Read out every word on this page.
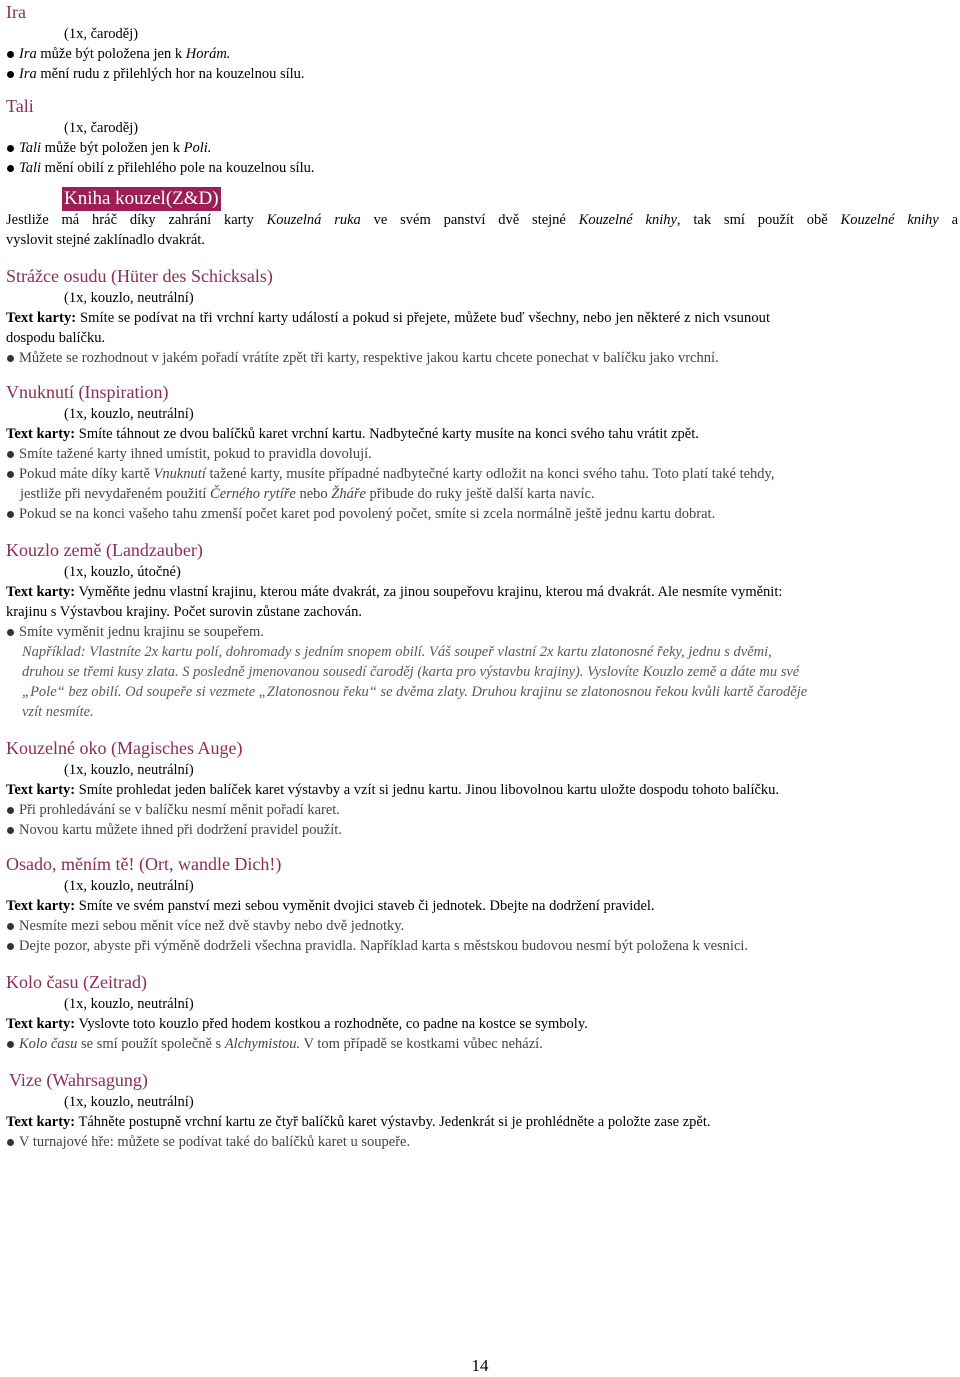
Ira
(1x, čaroděj)
Ira může být položena jen k Horám.
Ira mění rudu z přilehlých hor na kouzelnou sílu.
Tali
(1x, čaroděj)
Tali může být položen jen k Poli.
Tali mění obilí z přilehlého pole na kouzelnou sílu.
Kniha kouzel(Z&D)
Jestliže má hráč díky zahrání karty Kouzelná ruka ve svém panství dvě stejné Kouzelné knihy, tak smí použít obě Kouzelné knihy a
vyslovit stejné zaklínadlo dvakrát.
Strážce osudu (Hüter des Schicksals)
(1x, kouzlo, neutrální)
Text karty: Smíte se podívat na tři vrchní karty událostí a pokud si přejete, můžete buď všechny, nebo jen některé z nich vsunout
dospodu balíčku.
Můžete se rozhodnout v jakém pořadí vrátíte zpět tři karty, respektive jakou kartu chcete ponechat v balíčku jako vrchní.
Vnuknutí (Inspiration)
(1x, kouzlo, neutrální)
Text karty: Smíte táhnout ze dvou balíčků karet vrchní kartu. Nadbytečné karty musíte na konci svého tahu vrátit zpět.
Smíte tažené karty ihned umístit, pokud to pravidla dovolují.
Pokud máte díky kartě Vnuknutí tažené karty, musíte případné nadbytečné karty odložit na konci svého tahu. Toto platí také tehdy,
jestliže při nevydařeném použití Černého rytíře nebo Žháře přibude do ruky ještě další karta navíc.
Pokud se na konci vašeho tahu zmenší počet karet pod povolený počet, smíte si zcela normálně ještě jednu kartu dobrat.
Kouzlo země (Landzauber)
(1x, kouzlo, útočné)
Text karty: Vyměňte jednu vlastní krajinu, kterou máte dvakrát, za jinou soupeřovu krajinu, kterou má dvakrát. Ale nesmíte vyměnit:
krajinu s Výstavbou krajiny. Počet surovin zůstane zachován.
Smíte vyměnit jednu krajinu se soupeřem.
Například: Vlastníte 2x kartu polí, dohromady s jedním snopem obilí. Váš soupeř vlastní 2x kartu zlatonosné řeky, jednu s dvěmi,
druhou se třemi kusy zlata. S posledně jmenovanou sousedí čaroděj (karta pro výstavbu krajiny). Vyslovíte Kouzlo země a dáte mu své
„Pole“ bez obilí. Od soupeře si vezmete „Zlatonosnou řeku“ se dvěma zlaty. Druhou krajinu se zlatonosnou řekou kvůli kartě čaroděje
vzít nesmíte.
Kouzelné oko (Magisches Auge)
(1x, kouzlo, neutrální)
Text karty: Smíte prohledat jeden balíček karet výstavby a vzít si jednu kartu. Jinou libovolnou kartu uložte dospodu tohoto balíčku.
Při prohledávání se v balíčku nesmí měnit pořadí karet.
Novou kartu můžete ihned při dodržení pravidel použít.
Osado, měním tě! (Ort, wandle Dich!)
(1x, kouzlo, neutrální)
Text karty: Smíte ve svém panství mezi sebou vyměnit dvojici staveb či jednotek. Dbejte na dodržení pravidel.
Nesmíte mezi sebou měnit více než dvě stavby nebo dvě jednotky.
Dejte pozor, abyste při výměně dodrželi všechna pravidla. Například karta s městskou budovou nesmí být položena k vesnici.
Kolo času (Zeitrad)
(1x, kouzlo, neutrální)
Text karty: Vyslovte toto kouzlo před hodem kostkou a rozhodněte, co padne na kostce se symboly.
Kolo času se smí použít společně s Alchymistou. V tom případě se kostkami vůbec nehází.
Vize (Wahrsagung)
(1x, kouzlo, neutrální)
Text karty: Táhněte postupně vrchní kartu ze čtyř balíčků karet výstavby. Jedenkrát si je prohlédněte a položte zase zpět.
V turnajové hře: můžete se podívat také do balíčků karet u soupeře.
14
